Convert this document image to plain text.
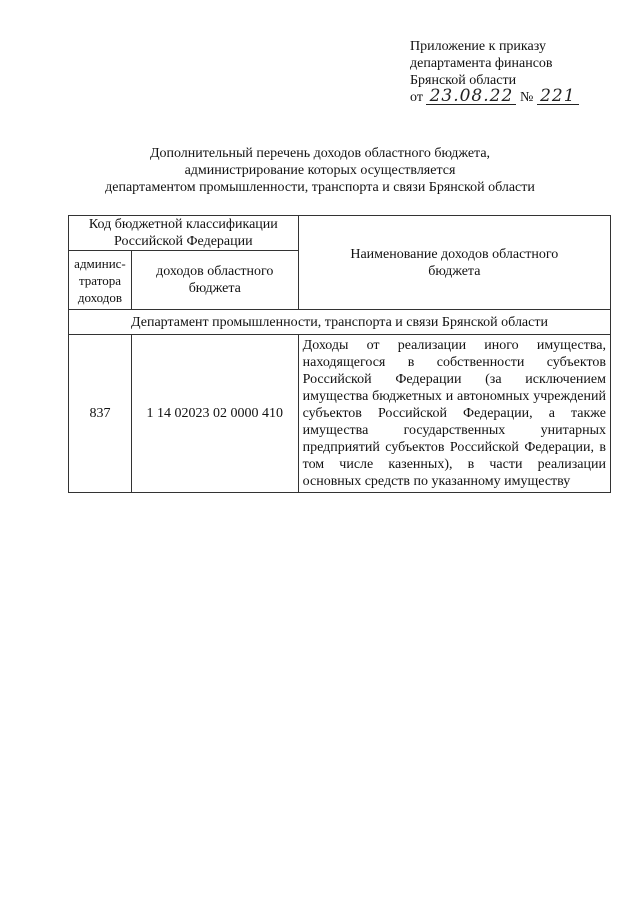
Приложение к приказу
департамента финансов
Брянской области
от 23.08.22 № 221
Дополнительный перечень доходов областного бюджета,
администрирование которых осуществляется
департаментом промышленности, транспорта и связи Брянской области
Код бюджетной классификации Российской Федерации		Наименование доходов областного бюджета
админис-тратора доходов	доходов областного бюджета	
Департамент промышленности, транспорта и связи Брянской области		
837	1 14 02023 02 0000 410	Доходы от реализации иного имущества, находящегося в собственности субъектов Российской Федерации (за исключением имущества бюджетных и автономных учреждений субъектов Российской Федерации, а также имущества государственных унитарных предприятий субъектов Российской Федерации, в том числе казенных), в части реализации основных средств по указанному имуществу
